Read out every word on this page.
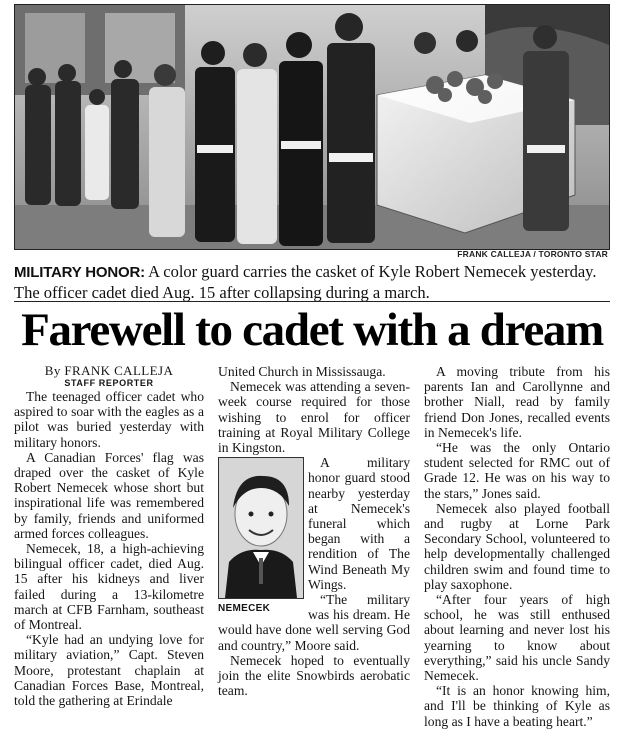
FRANK CALLEJA / TORONTO STAR
MILITARY HONOR: A color guard carries the casket of Kyle Robert Nemecek yesterday. The officer cadet died Aug. 15 after collapsing during a march.
Farewell to cadet with a dream

By FRANK CALLEJA

STAFF REPORTER

The teenaged officer cadet who aspired to soar with the eagles as a pilot was buried yesterday with military honors.

A Canadian Forces' flag was draped over the casket of Kyle Robert Nemecek whose short but inspirational life was remembered by family, friends and uniformed armed forces colleagues.

Nemecek, 18, a high-achieving bilingual officer cadet, died Aug. 15 after his kidneys and liver failed during a 13-kilometre march at CFB Farnham, southeast of Montreal.

“Kyle had an undying love for military aviation,” Capt. Steven Moore, protestant chaplain at Canadian Forces Base, Montreal, told the gathering at Erindale

United Church in Mississauga.

Nemecek was attending a seven-week course required for those wishing to enrol for officer training at Royal Military College in Kingston.

NEMECEK

A military honor guard stood nearby yesterday at Nemecek's funeral which began with a rendition of The Wind Beneath My Wings.

“The military was his dream. He would have done well serving God and country,” Moore said.

Nemecek hoped to eventually join the elite Snowbirds aerobatic team.

A moving tribute from his parents Ian and Carollynne and brother Niall, read by family friend Don Jones, recalled events in Nemecek's life.

“He was the only Ontario student selected for RMC out of Grade 12. He was on his way to the stars,” Jones said.

Nemecek also played football and rugby at Lorne Park Secondary School, volunteered to help developmentally challenged children swim and found time to play saxophone.

“After four years of high school, he was still enthused about learning and never lost his yearning to know about everything,” said his uncle Sandy Nemecek.

“It is an honor knowing him, and I'll be thinking of Kyle as long as I have a beating heart.”
